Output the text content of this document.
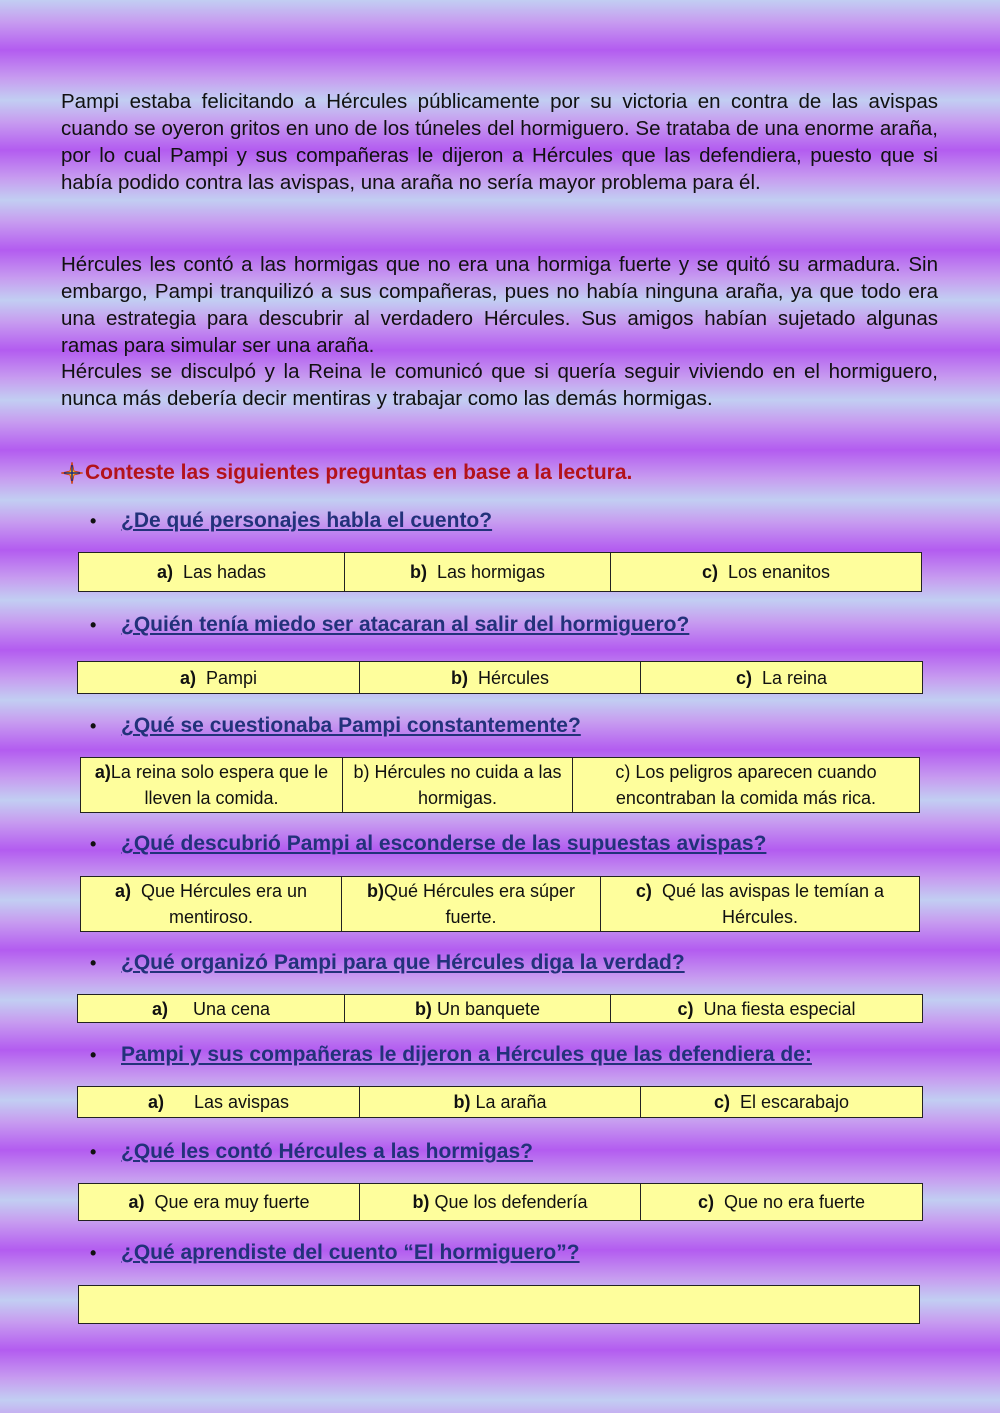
Pampi estaba felicitando a Hércules públicamente por su victoria en contra de las avispas cuando se oyeron gritos en uno de los túneles del hormiguero. Se trataba de una enorme araña, por lo cual Pampi y sus compañeras le dijeron a Hércules que las defendiera, puesto que si había podido contra las avispas, una araña no sería mayor problema para él.

Hércules les contó a las hormigas que no era una hormiga fuerte y se quitó su armadura. Sin embargo, Pampi tranquilizó a sus compañeras, pues no había ninguna araña, ya que todo era una estrategia para descubrir al verdadero Hércules. Sus amigos habían sujetado algunas ramas para simular ser una araña.

Hércules se disculpó y la Reina le comunicó que si quería seguir viviendo en el hormiguero, nunca más debería decir mentiras y trabajar como las demás hormigas.

Conteste las siguientes preguntas en base a la lectura.
•	¿De qué personajes habla el cuento?
a) Las hadas	b) Las hormigas	c) Los enanitos
•	¿Quién tenía miedo ser atacaran al salir del hormiguero?
a) Pampi	b) Hércules	c) La reina
•	¿Qué se cuestionaba Pampi constantemente?
a)La reina solo espera que le lleven la comida.	b) Hércules no cuida a las hormigas.	c) Los peligros aparecen cuando encontraban la comida más rica.
•	¿Qué descubrió Pampi al esconderse de las supuestas avispas?
a) Que Hércules era un mentiroso.	b)Qué Hércules era súper fuerte.	c) Qué las avispas le temían a Hércules.
•	¿Qué organizó Pampi para que Hércules diga la verdad?
a) Una cena	b) Un banquete	c) Una fiesta especial
•	Pampi y sus compañeras le dijeron a Hércules que las defendiera de:
a) Las avispas	b) La araña	c) El escarabajo
•	¿Qué les contó Hércules a las hormigas?
a) Que era muy fuerte	b) Que los defendería	c) Que no era fuerte
•	¿Qué aprendiste del cuento “El hormiguero”?
